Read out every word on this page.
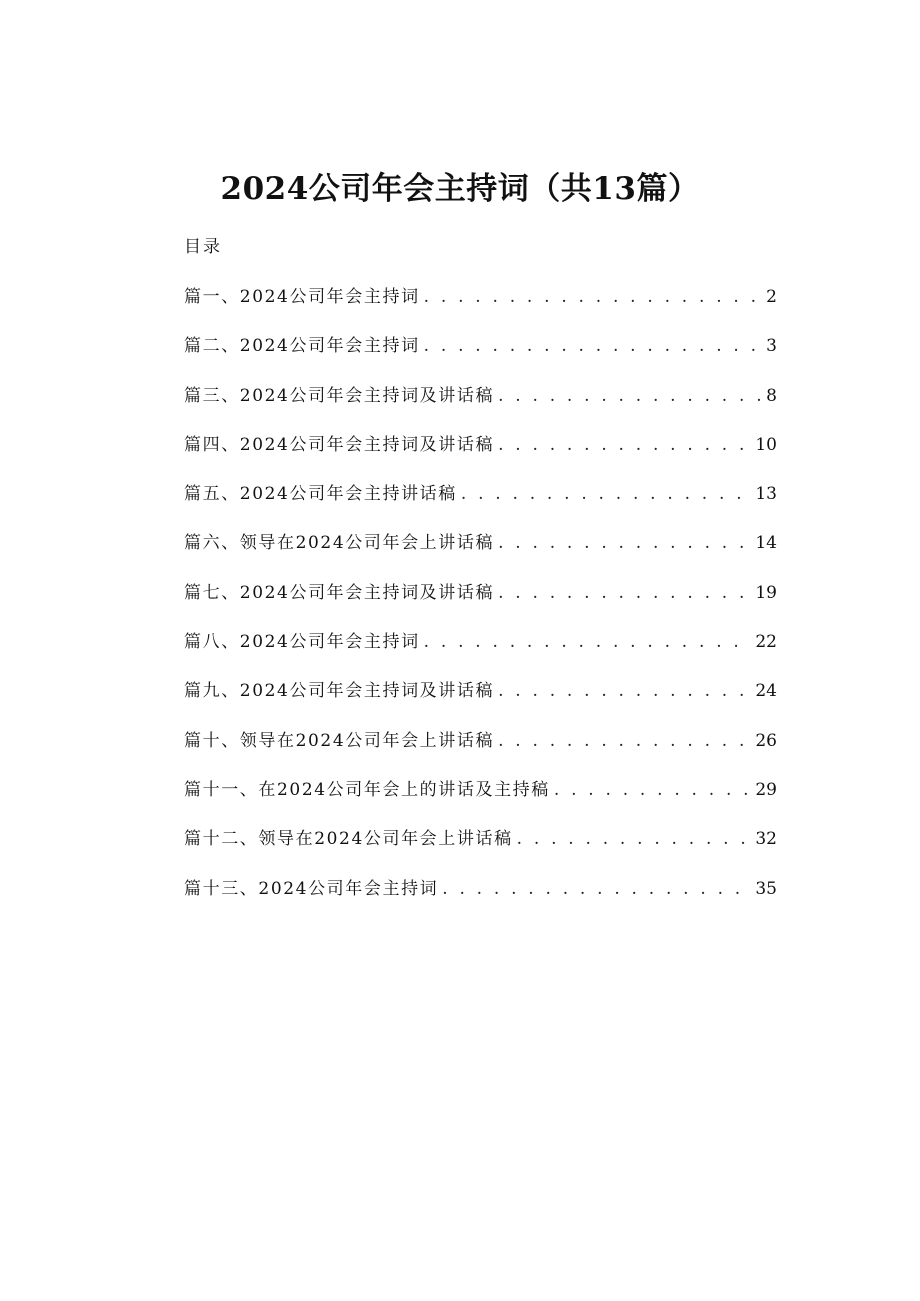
2024公司年会主持词（共13篇）
目录
篇一、2024公司年会主持词 . . .	2
篇二、2024公司年会主持词 . . .	3
篇三、2024公司年会主持词及讲话稿 . . .	8
篇四、2024公司年会主持词及讲话稿 . . .	10
篇五、2024公司年会主持讲话稿 . . .	13
篇六、领导在2024公司年会上讲话稿 . . .	14
篇七、2024公司年会主持词及讲话稿 . . .	19
篇八、2024公司年会主持词 . . .	22
篇九、2024公司年会主持词及讲话稿 . . .	24
篇十、领导在2024公司年会上讲话稿 . . .	26
篇十一、在2024公司年会上的讲话及主持稿 . . .	29
篇十二、领导在2024公司年会上讲话稿 . . .	32
篇十三、2024公司年会主持词 . . .	35
